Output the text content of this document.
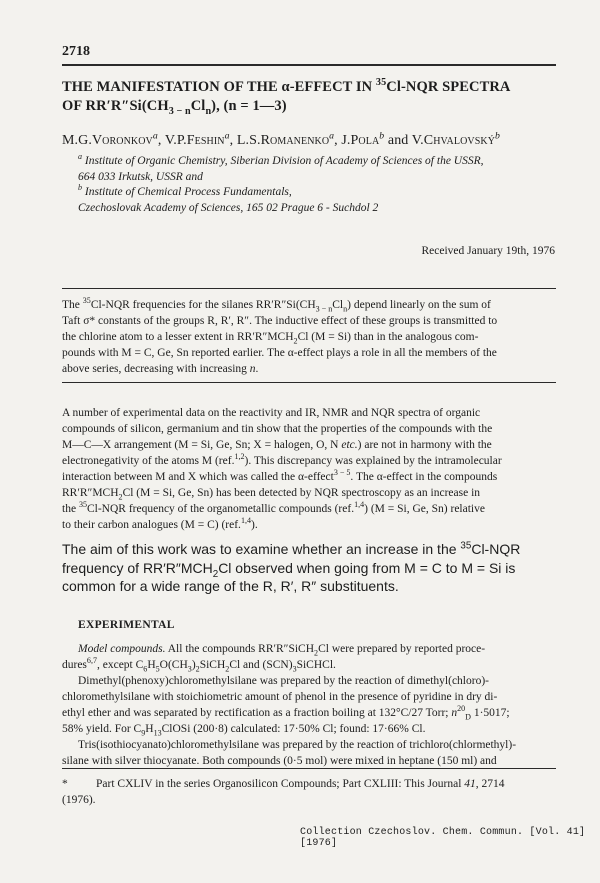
2718
THE MANIFESTATION OF THE α-EFFECT IN $^{35}$Cl-NQR SPECTRA
OF $RR'R''Si(CH_{3 - n}Cl_n)$, (n = 1—3)
M.G.Voronkov$^a$, V.P.Feshin$^a$, L.S.Romanenko$^a$, J.Pola$^b$ and V.Chvalovský$^b$
$^a$ Institute of Organic Chemistry, Siberian Division of Academy of Sciences of the USSR,
664 033 Irkutsk, USSR and
$^b$ Institute of Chemical Process Fundamentals,
Czechoslovak Academy of Sciences, 165 02 Prague 6 - Suchdol 2
Received January 19th, 1976
The $^{35}$Cl-NQR frequencies for the silanes $RR'R''Si(CH_{3 - n}Cl_n)$ depend linearly on the sum of
Taft σ* constants of the groups R, R′, R″. The inductive effect of these groups is transmitted to
the chlorine atom to a lesser extent in $RR'R''MCH_2Cl$ (M = Si) than in the analogous com-
pounds with M = C, Ge, Sn reported earlier. The α-effect plays a role in all the members of the
above series, decreasing with increasing n.
A number of experimental data on the reactivity and IR, NMR and NQR spectra of organic
compounds of silicon, germanium and tin show that the properties of the compounds with the
M—C—X arrangement (M = Si, Ge, Sn; X = halogen, O, N etc.) are not in harmony with the
electronegativity of the atoms M (ref.$^{1,2}$). This discrepancy was explained by the intramolecular
interaction between M and X which was called the α-effect$^{3 - 5}$. The α-effect in the compounds
$RR'R''MCH_2Cl$ (M = Si, Ge, Sn) has been detected by NQR spectroscopy as an increase in
the $^{35}$Cl-NQR frequency of the organometallic compounds (ref.$^{1,4}$) (M = Si, Ge, Sn) relative
to their carbon analogues (M = C) (ref.$^{1,4}$).
The aim of this work was to examine whether an increase in the $^{35}$Cl-NQR
frequency of $RR'R''MCH_2Cl$ observed when going from M = C to M = Si is
common for a wide range of the R, R′, R″ substituents.
EXPERIMENTAL

Model compounds. All the compounds RR′R″SiCH$_2$Cl were prepared by reported proce-

dures$^{6,7}$, except $C_6H_5O(CH_3)_2SiCH_2Cl$ and $(SCN)_3SiCHCl$.

Dimethyl(phenoxy)chloromethylsilane was prepared by the reaction of dimethyl(chloro)-

chloromethylsilane with stoichiometric amount of phenol in the presence of pyridine in dry di-
ethyl ether and was separated by rectification as a fraction boiling at 132°C/27 Torr; $n^{20}_D$ 1·5017;
58% yield. For $C_9H_{13}ClOSi$ (200·8) calculated: 17·50% Cl; found: 17·66% Cl.

Tris(isothiocyanato)chloromethylsilane was prepared by the reaction of trichloro(chlormethyl)-

silane with silver thiocyanate. Both compounds (0·5 mol) were mixed in heptane (150 ml) and
* Part CXLIV in the series Organosilicon Compounds; Part CXLIII: This Journal 41, 2714
(1976).
Collection Czechoslov. Chem. Commun. [Vol. 41] [1976]
